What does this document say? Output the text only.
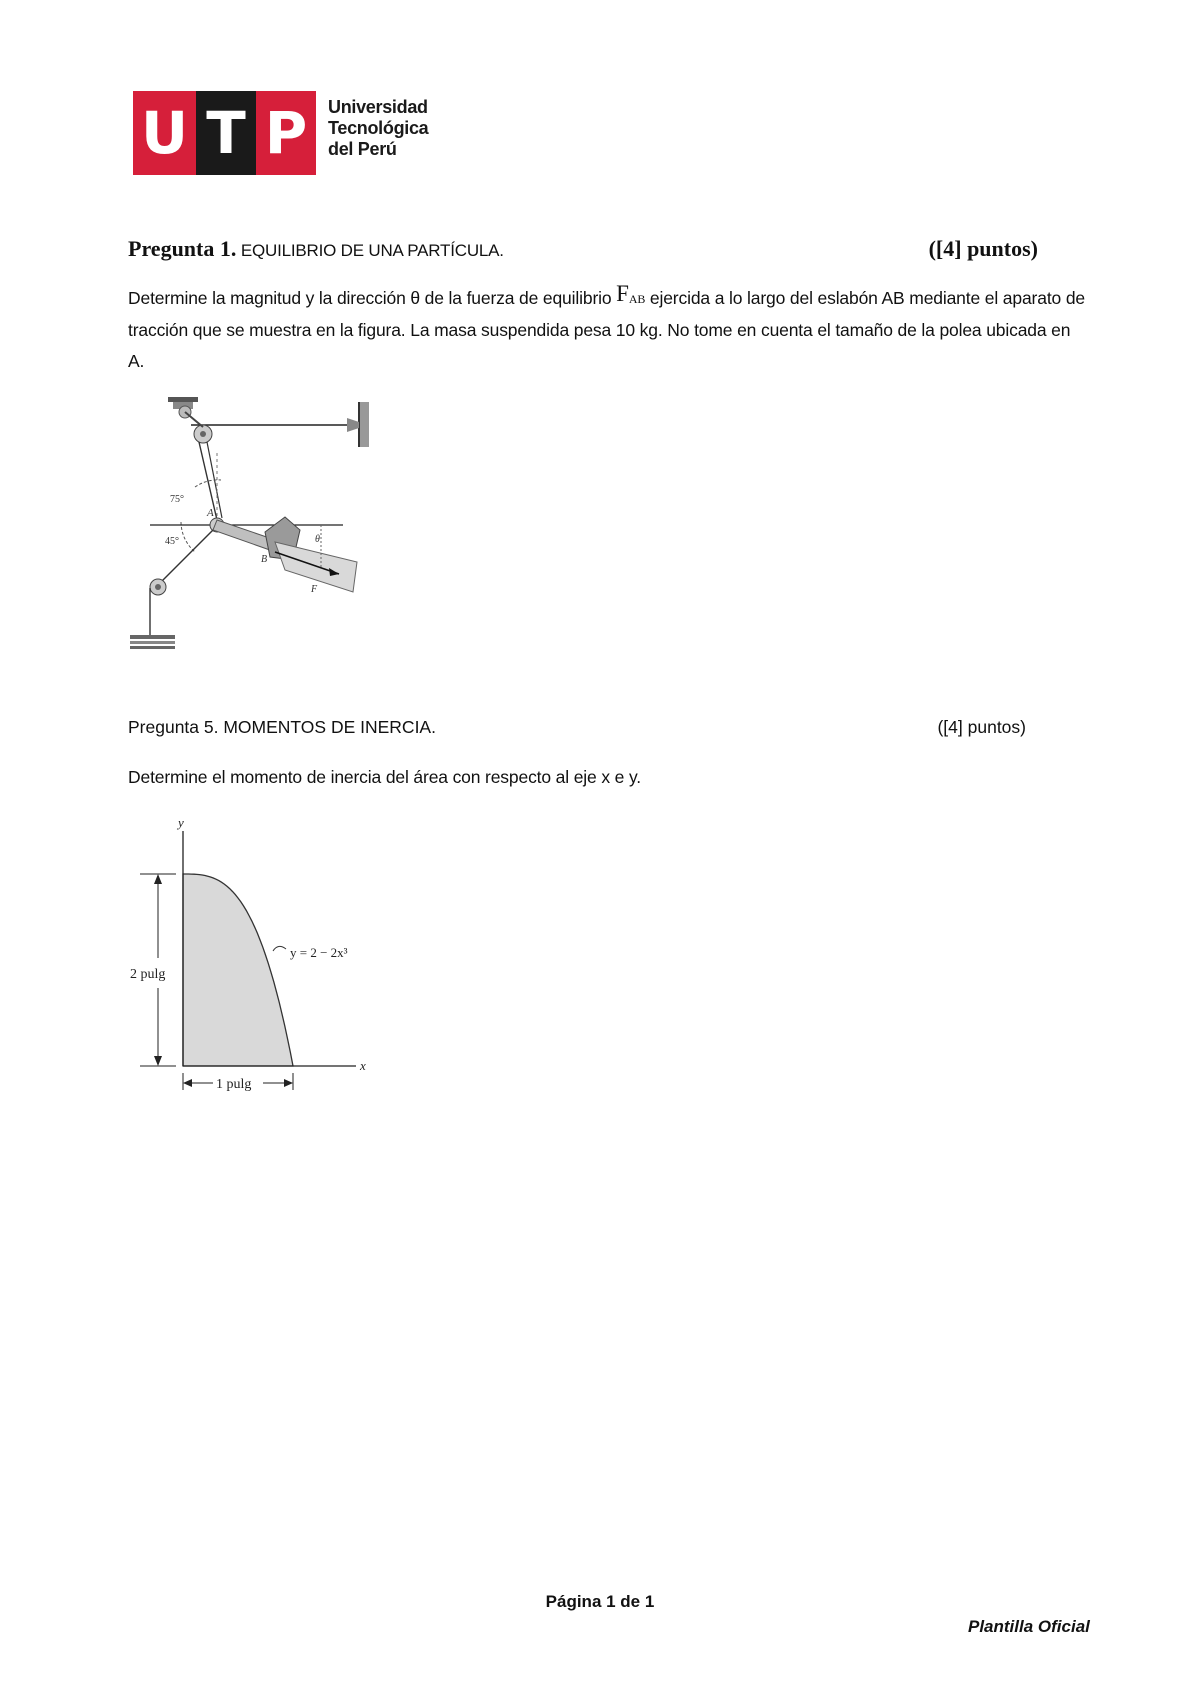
U T P	Universidad
Tecnológica
del Perú
Pregunta 1. EQUILIBRIO DE UNA PARTÍCULA.	([4] puntos)
Determine la magnitud y la dirección θ de la fuerza de equilibrio $F_{AB}$ ejercida a lo largo del eslabón AB mediante el aparato de tracción que se muestra en la figura. La masa suspendida pesa 10 kg. No tome en cuenta el tamaño de la polea ubicada en A.
75°
45°
A
F
θ
B
Pregunta 5. MOMENTOS DE INERCIA.	([4] puntos)
Determine el momento de inercia del área con respecto al eje x e y.
y
x
y = 2 − 2x³
2 pulg
1 pulg
Página 1 de 1
Plantilla Oficial
